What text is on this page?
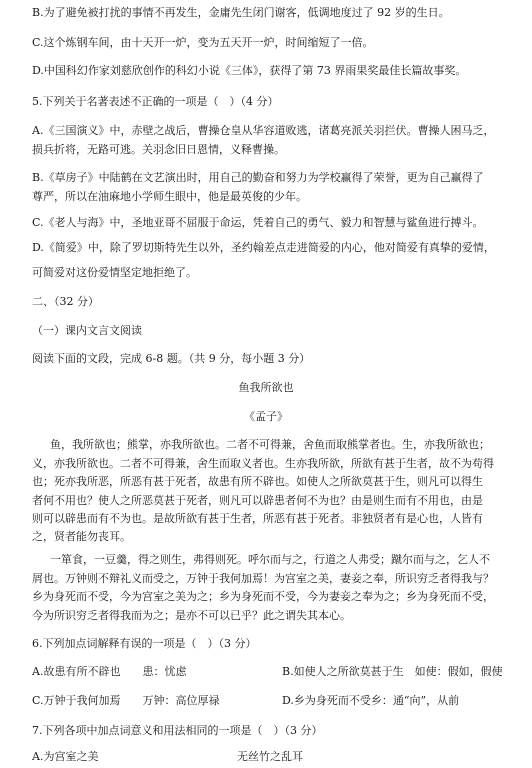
B.为了避免被打扰的事情不再发生，金庸先生闭门谢客，低调地度过了 92 岁的生日。
C.这个炼钢车间，由十天开一炉，变为五天开一炉，时间缩短了一倍。
D.中国科幻作家刘慈欣创作的科幻小说《三体》，获得了第 73 界雨果奖最佳长篇故事奖。
5.下列关于名著表述不正确的一项是（　）（4 分）
A.《三国演义》中，赤壁之战后，曹操仓皇从华容道败逃，诸葛亮派关羽拦伏。曹操人困马乏，
损兵折将，无路可逃。关羽念旧日恩情，义释曹操。
B.《草房子》中陆鹤在文艺演出时，用自己的勤奋和努力为学校赢得了荣誉，更为自己赢得了
尊严，所以在油麻地小学师生眼中，他是最英俊的少年。
C.《老人与海》中，圣地亚哥不屈服于命运，凭着自己的勇气、毅力和智慧与鲨鱼进行搏斗。
D.《简爱》中，除了罗切斯特先生以外，圣约翰差点走进简爱的内心，他对简爱有真挚的爱情，
可简爱对这份爱情坚定地拒绝了。
二、（32 分）
（一）课内文言文阅读
阅读下面的文段，完成 6-8 题。（共 9 分，每小题 3 分）
鱼我所欲也
《孟子》
鱼，我所欲也；熊掌，亦我所欲也。二者不可得兼，舍鱼而取熊掌者也。生，亦我所欲也；
义，亦我所欲也。二者不可得兼，舍生而取义者也。生亦我所欲，所欲有甚于生者，故不为苟得
也；死亦我所恶，所恶有甚于死者，故患有所不辟也。如使人之所欲莫甚于生，则凡可以得生
者何不用也？使人之所恶莫甚于死者，则凡可以辟患者何不为也？由是则生而有不用也，由是
则可以辟患而有不为也。是故所欲有甚于生者，所恶有甚于死者。非独贤者有是心也，人皆有
之，贤者能勿丧耳。
一箪食，一豆羹，得之则生，弗得则死。呼尔而与之，行道之人弗受；蹴尔而与之，乞人不
屑也。万钟则不辩礼义而受之，万钟于我何加焉！为宫室之美，妻妾之奉，所识穷乏者得我与？
乡为身死而不受，今为宫室之美为之；乡为身死而不受，今为妻妾之奉为之；乡为身死而不受，
今为所识穷乏者得我而为之；是亦不可以已乎？此之谓失其本心。
6.下列加点词解释有误的一项是（　）（3 分）
A.故患有所不辟也　　患：忧虑	B.如使人之所欲莫甚于生　如使：假如，假使
C.万钟于我何加焉　　万钟：高位厚禄	D.乡为身死而不受乡：通“向”，从前
7.下列各项中加点词意义和用法相同的一项是（　）（3 分）
A.为宫室之美	无丝竹之乱耳
